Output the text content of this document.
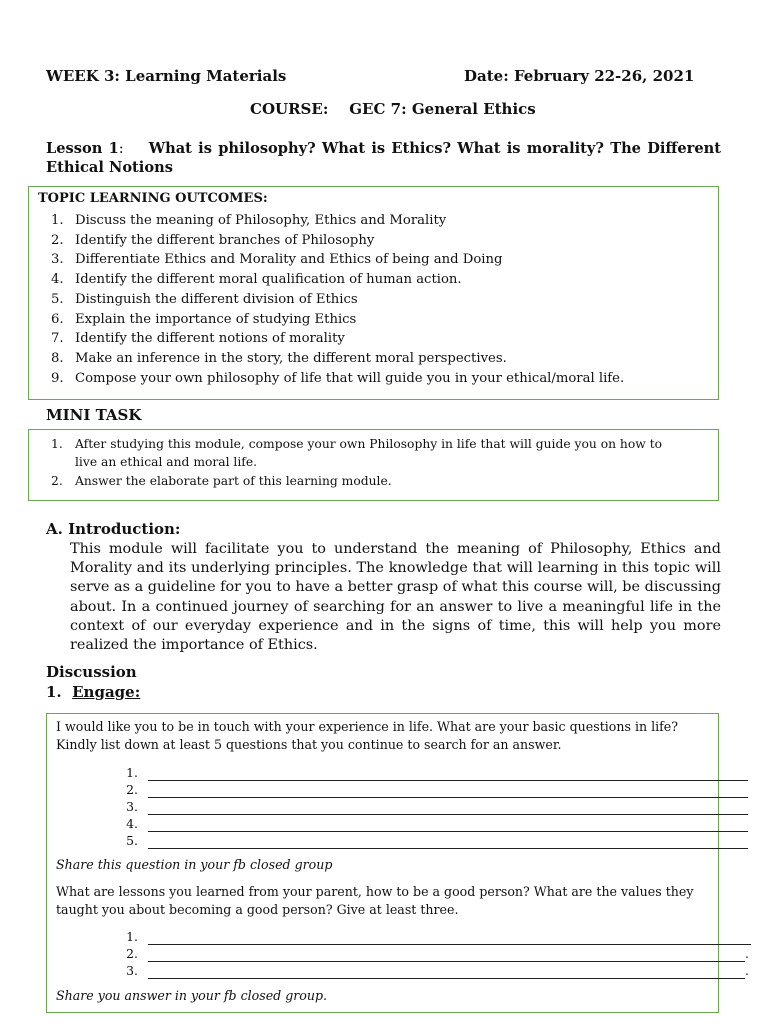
WEEK 3: Learning Materials	Date: February 22-26, 2021
COURSE:    GEC 7: General Ethics
Lesson 1: What is philosophy? What is Ethics? What is morality? The Different Ethical Notions
TOPIC LEARNING OUTCOMES:
1. Discuss the meaning of Philosophy, Ethics and Morality
2. Identify the different branches of Philosophy
3. Differentiate Ethics and Morality and Ethics of being and Doing
4. Identify the different moral qualification of human action.
5. Distinguish the different division of Ethics
6. Explain the importance of studying Ethics
7. Identify the different notions of morality
8. Make an inference in the story, the different moral perspectives.
9. Compose your own philosophy of life that will guide you in your ethical/moral life.
MINI TASK
1. After studying this module, compose your own Philosophy in life that will guide you on how to live an ethical and moral life.
2. Answer the elaborate part of this learning module.
A. Introduction:
This module will facilitate you to understand the meaning of Philosophy, Ethics and Morality and its underlying principles. The knowledge that will learning in this topic will serve as a guideline for you to have a better grasp of what this course will, be discussing about. In a continued journey of searching for an answer to live a meaningful life in the context of our everyday experience and in the signs of time, this will help you more realized the importance of Ethics.
Discussion
1. Engage:
I would like you to be in touch with your experience in life. What are your basic questions in life? Kindly list down at least 5 questions that you continue to search for an answer.
1.
2.
3.
4.
5.
Share this question in your fb closed group
What are lessons you learned from your parent, how to be a good person? What are the values they taught you about becoming a good person? Give at least three.
1.
2.	.
3.	.
Share you answer in your fb closed group.
